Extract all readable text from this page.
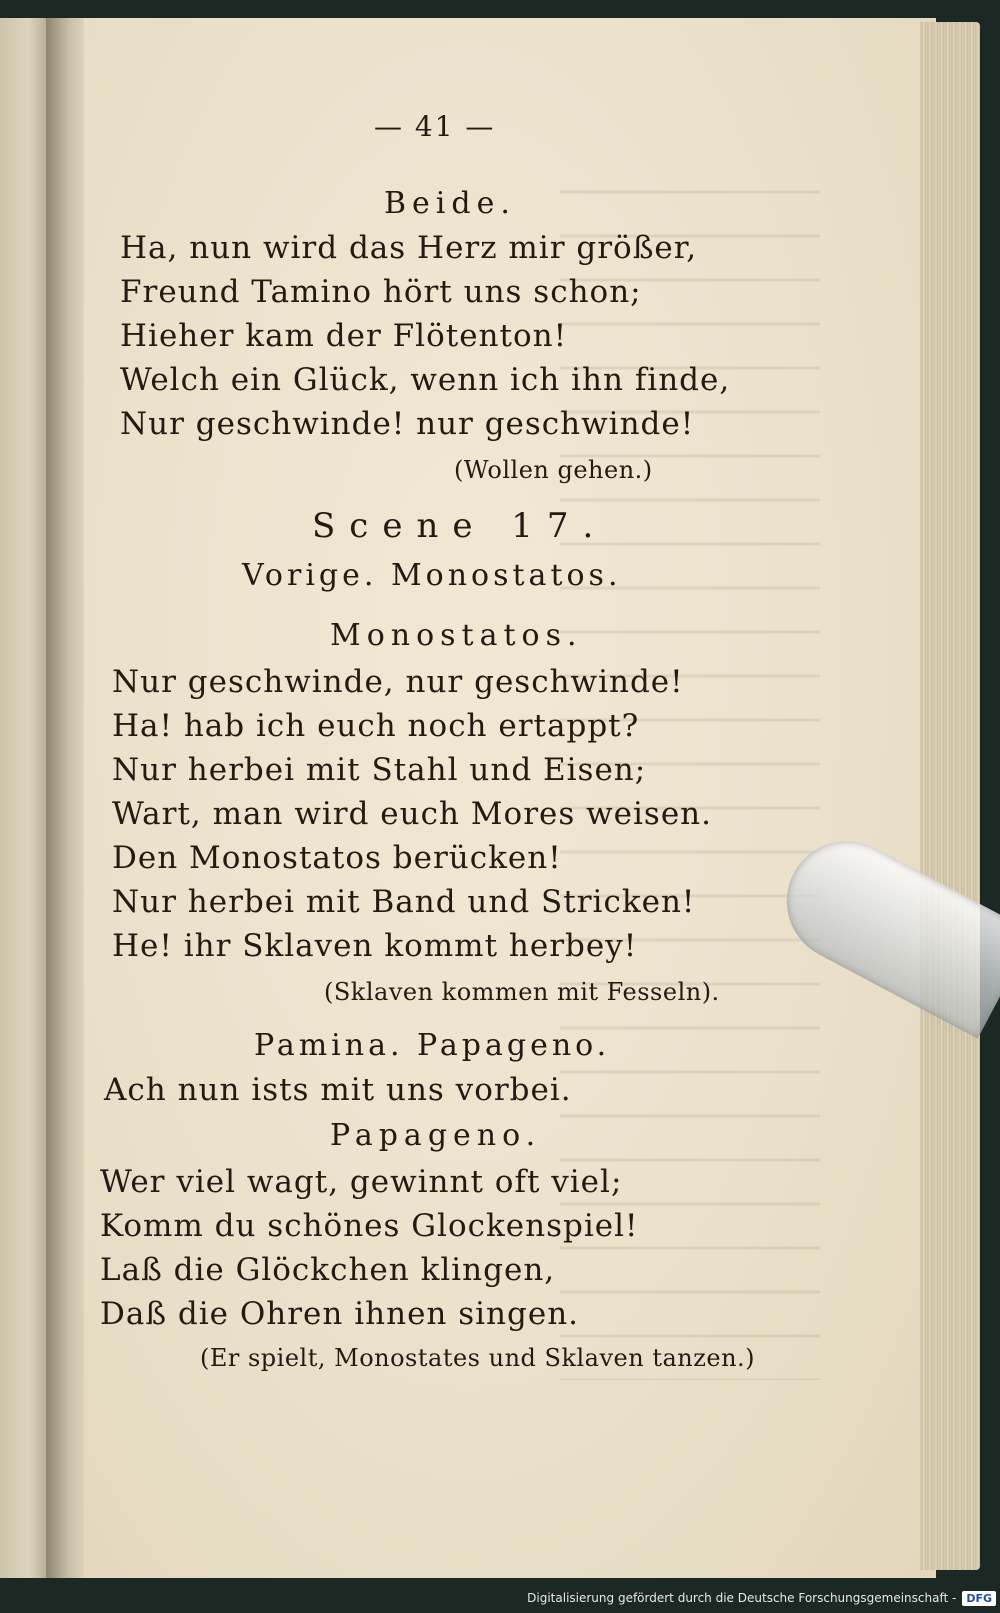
— 41 —
Beide.
Ha, nun wird das Herz mir größer,
Freund Tamino hört uns schon;
Hieher kam der Flötenton!
Welch ein Glück, wenn ich ihn finde,
Nur geschwinde! nur geschwinde!
(Wollen gehen.)
Scene 17.
Vorige. Monostatos.
Monostatos.
Nur geschwinde, nur geschwinde!
Ha! hab ich euch noch ertappt?
Nur herbei mit Stahl und Eisen;
Wart, man wird euch Mores weisen.
Den Monostatos berücken!
Nur herbei mit Band und Stricken!
He! ihr Sklaven kommt herbey!
(Sklaven kommen mit Fesseln).
Pamina. Papageno.
Ach nun ists mit uns vorbei.
Papageno.
Wer viel wagt, gewinnt oft viel;
Komm du schönes Glockenspiel!
Laß die Glöckchen klingen,
Daß die Ohren ihnen singen.
(Er spielt, Monostates und Sklaven tanzen.)
Digitalisierung gefördert durch die Deutsche Forschungsgemeinschaft - DFG
